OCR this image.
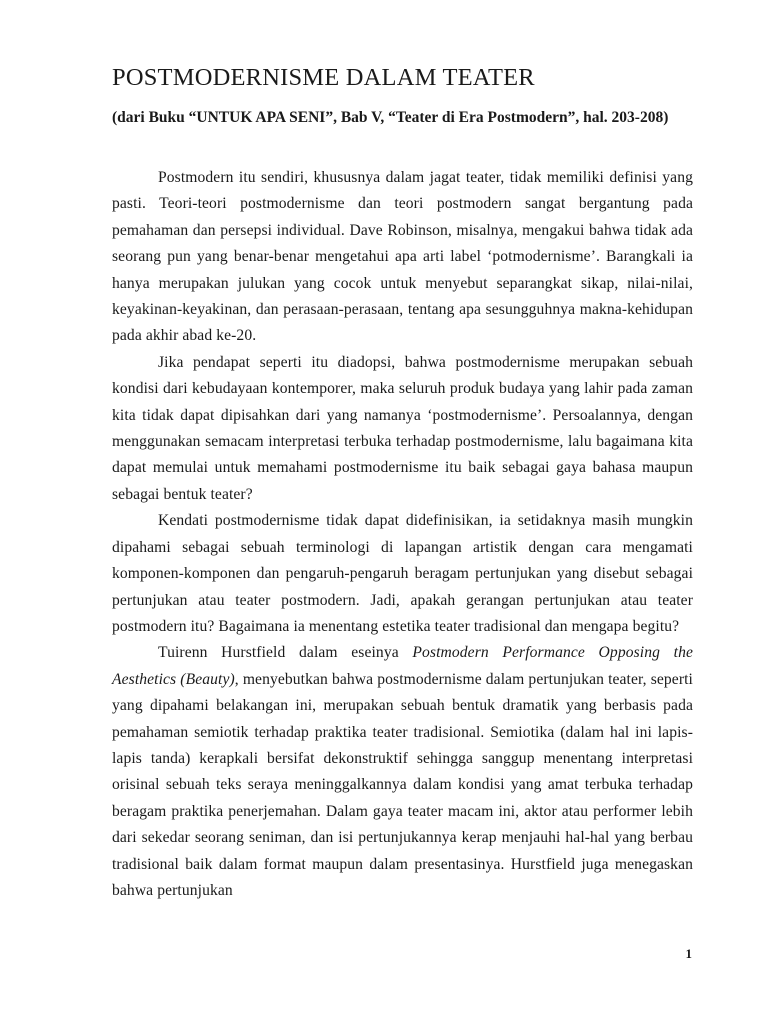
POSTMODERNISME DALAM TEATER

(dari Buku “UNTUK APA SENI”, Bab V, “Teater di Era Postmodern”, hal. 203-208)

Postmodern itu sendiri, khususnya dalam jagat teater, tidak memiliki definisi yang pasti. Teori-teori postmodernisme dan teori postmodern sangat bergantung pada pemahaman dan persepsi individual. Dave Robinson, misalnya, mengakui bahwa tidak ada seorang pun yang benar-benar mengetahui apa arti label ‘potmodernisme’. Barangkali ia hanya merupakan julukan yang cocok untuk menyebut separangkat sikap, nilai-nilai, keyakinan-keyakinan, dan perasaan-perasaan, tentang apa sesungguhnya makna-kehidupan pada akhir abad ke-20.

Jika pendapat seperti itu diadopsi, bahwa postmodernisme merupakan sebuah kondisi dari kebudayaan kontemporer, maka seluruh produk budaya yang lahir pada zaman kita tidak dapat dipisahkan dari yang namanya ‘postmodernisme’. Persoalannya, dengan menggunakan semacam interpretasi terbuka terhadap postmodernisme, lalu bagaimana kita dapat memulai untuk memahami postmodernisme itu baik sebagai gaya bahasa maupun sebagai bentuk teater?

Kendati postmodernisme tidak dapat didefinisikan, ia setidaknya masih mungkin dipahami sebagai sebuah terminologi di lapangan artistik dengan cara mengamati komponen-komponen dan pengaruh-pengaruh beragam pertunjukan yang disebut sebagai pertunjukan atau teater postmodern. Jadi, apakah gerangan pertunjukan atau teater postmodern itu? Bagaimana ia menentang estetika teater tradisional dan mengapa begitu?

Tuirenn Hurstfield dalam eseinya Postmodern Performance Opposing the Aesthetics (Beauty), menyebutkan bahwa postmodernisme dalam pertunjukan teater, seperti yang dipahami belakangan ini, merupakan sebuah bentuk dramatik yang berbasis pada pemahaman semiotik terhadap praktika teater tradisional. Semiotika (dalam hal ini lapis-lapis tanda) kerapkali bersifat dekonstruktif sehingga sanggup menentang interpretasi orisinal sebuah teks seraya meninggalkannya dalam kondisi yang amat terbuka terhadap beragam praktika penerjemahan. Dalam gaya teater macam ini, aktor atau performer lebih dari sekedar seorang seniman, dan isi pertunjukannya kerap menjauhi hal-hal yang berbau tradisional baik dalam format maupun dalam presentasinya. Hurstfield juga menegaskan bahwa pertunjukan

1
